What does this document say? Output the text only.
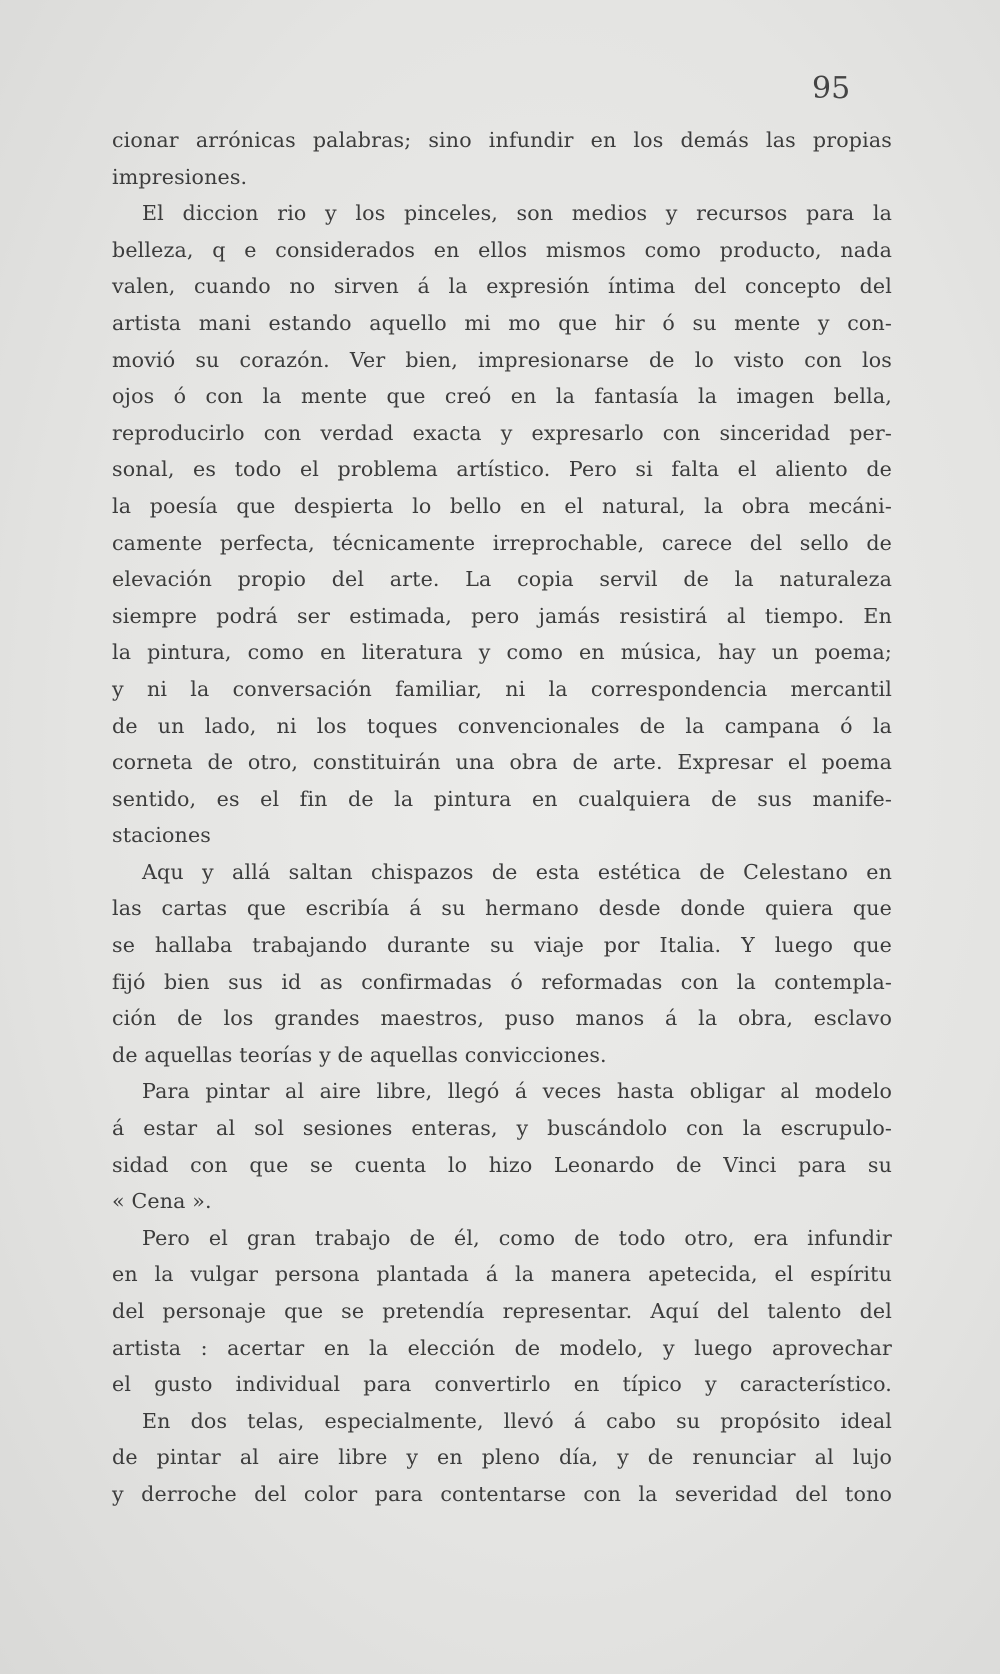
95
cionar arrónicas palabras; sino infundir en los demás las propias
impresiones.
El diccion rio y los pinceles, son medios y recursos para la
belleza, q e considerados en ellos mismos como producto, nada
valen, cuando no sirven á la expresión íntima del concepto del
artista mani estando aquello mi mo que hir ó su mente y con-
movió su corazón. Ver bien, impresionarse de lo visto con los
ojos ó con la mente que creó en la fantasía la imagen bella,
reproducirlo con verdad exacta y expresarlo con sinceridad per-
sonal, es todo el problema artístico. Pero si falta el aliento de
la poesía que despierta lo bello en el natural, la obra mecáni-
camente perfecta, técnicamente irreprochable, carece del sello de
elevación propio del arte. La copia servil de la naturaleza
siempre podrá ser estimada, pero jamás resistirá al tiempo. En
la pintura, como en literatura y como en música, hay un poema;
y ni la conversación familiar, ni la correspondencia mercantil
de un lado, ni los toques convencionales de la campana ó la
corneta de otro, constituirán una obra de arte. Expresar el poema
sentido, es el fin de la pintura en cualquiera de sus manife-
staciones
Aqu y allá saltan chispazos de esta estética de Celestano en
las cartas que escribía á su hermano desde donde quiera que
se hallaba trabajando durante su viaje por Italia. Y luego que
fijó bien sus id as confirmadas ó reformadas con la contempla-
ción de los grandes maestros, puso manos á la obra, esclavo
de aquellas teorías y de aquellas convicciones.
Para pintar al aire libre, llegó á veces hasta obligar al modelo
á estar al sol sesiones enteras, y buscándolo con la escrupulo-
sidad con que se cuenta lo hizo Leonardo de Vinci para su
« Cena ».
Pero el gran trabajo de él, como de todo otro, era infundir
en la vulgar persona plantada á la manera apetecida, el espíritu
del personaje que se pretendía representar. Aquí del talento del
artista : acertar en la elección de modelo, y luego aprovechar
el gusto individual para convertirlo en típico y característico.
En dos telas, especialmente, llevó á cabo su propósito ideal
de pintar al aire libre y en pleno día, y de renunciar al lujo
y derroche del color para contentarse con la severidad del tono
